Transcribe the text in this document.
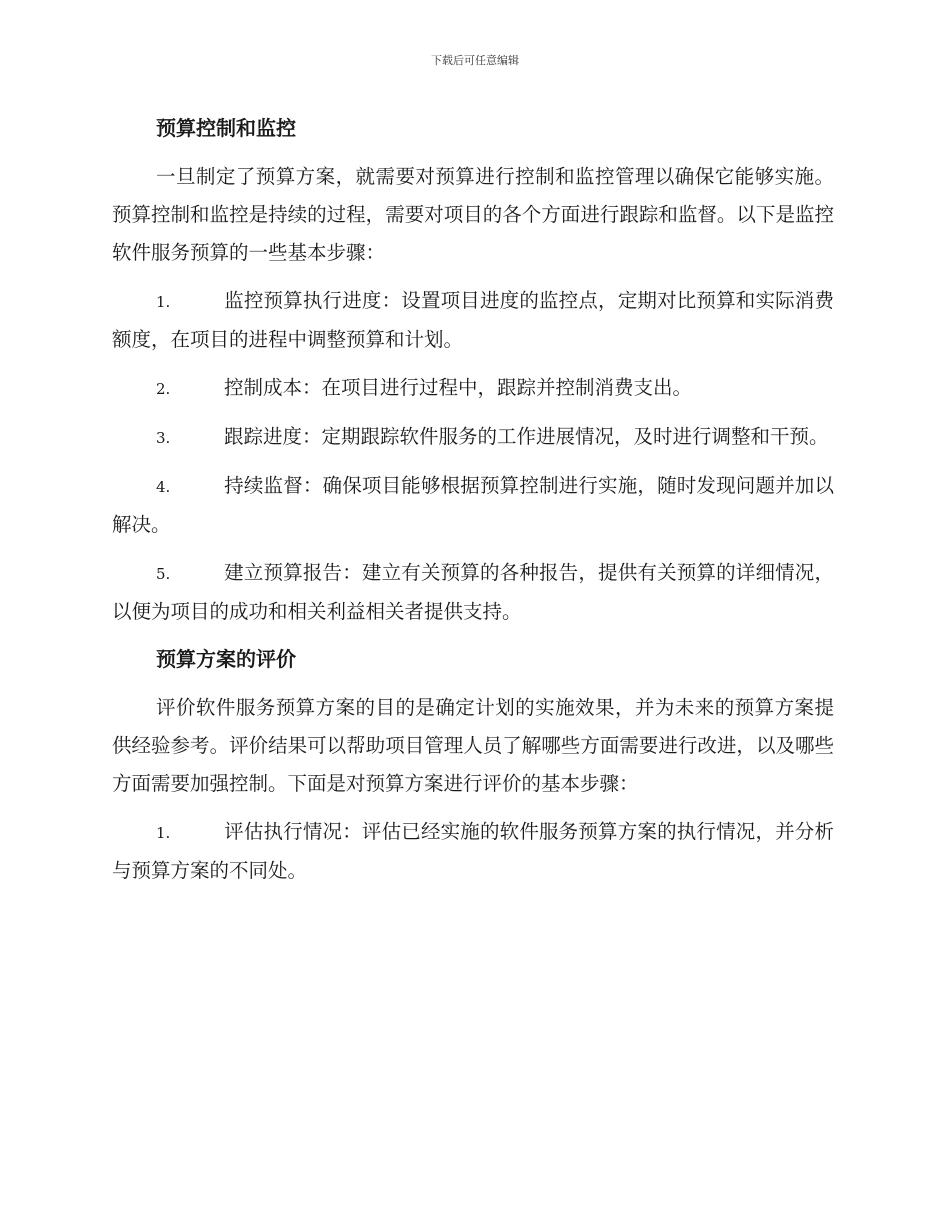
下载后可任意编辑
预算控制和监控

一旦制定了预算方案，就需要对预算进行控制和监控管理以确保它能够实施。预算控制和监控是持续的过程，需要对项目的各个方面进行跟踪和监督。以下是监控软件服务预算的一些基本步骤：

1.	监控预算执行进度：设置项目进度的监控点，定期对比预算和实际消费额度，在项目的进程中调整预算和计划。

2.	控制成本：在项目进行过程中，跟踪并控制消费支出。

3.	跟踪进度：定期跟踪软件服务的工作进展情况，及时进行调整和干预。

4.	持续监督：确保项目能够根据预算控制进行实施，随时发现问题并加以解决。

5.	建立预算报告：建立有关预算的各种报告，提供有关预算的详细情况，以便为项目的成功和相关利益相关者提供支持。

预算方案的评价

评价软件服务预算方案的目的是确定计划的实施效果，并为未来的预算方案提供经验参考。评价结果可以帮助项目管理人员了解哪些方面需要进行改进，以及哪些方面需要加强控制。下面是对预算方案进行评价的基本步骤：

1.	评估执行情况：评估已经实施的软件服务预算方案的执行情况，并分析与预算方案的不同处。
